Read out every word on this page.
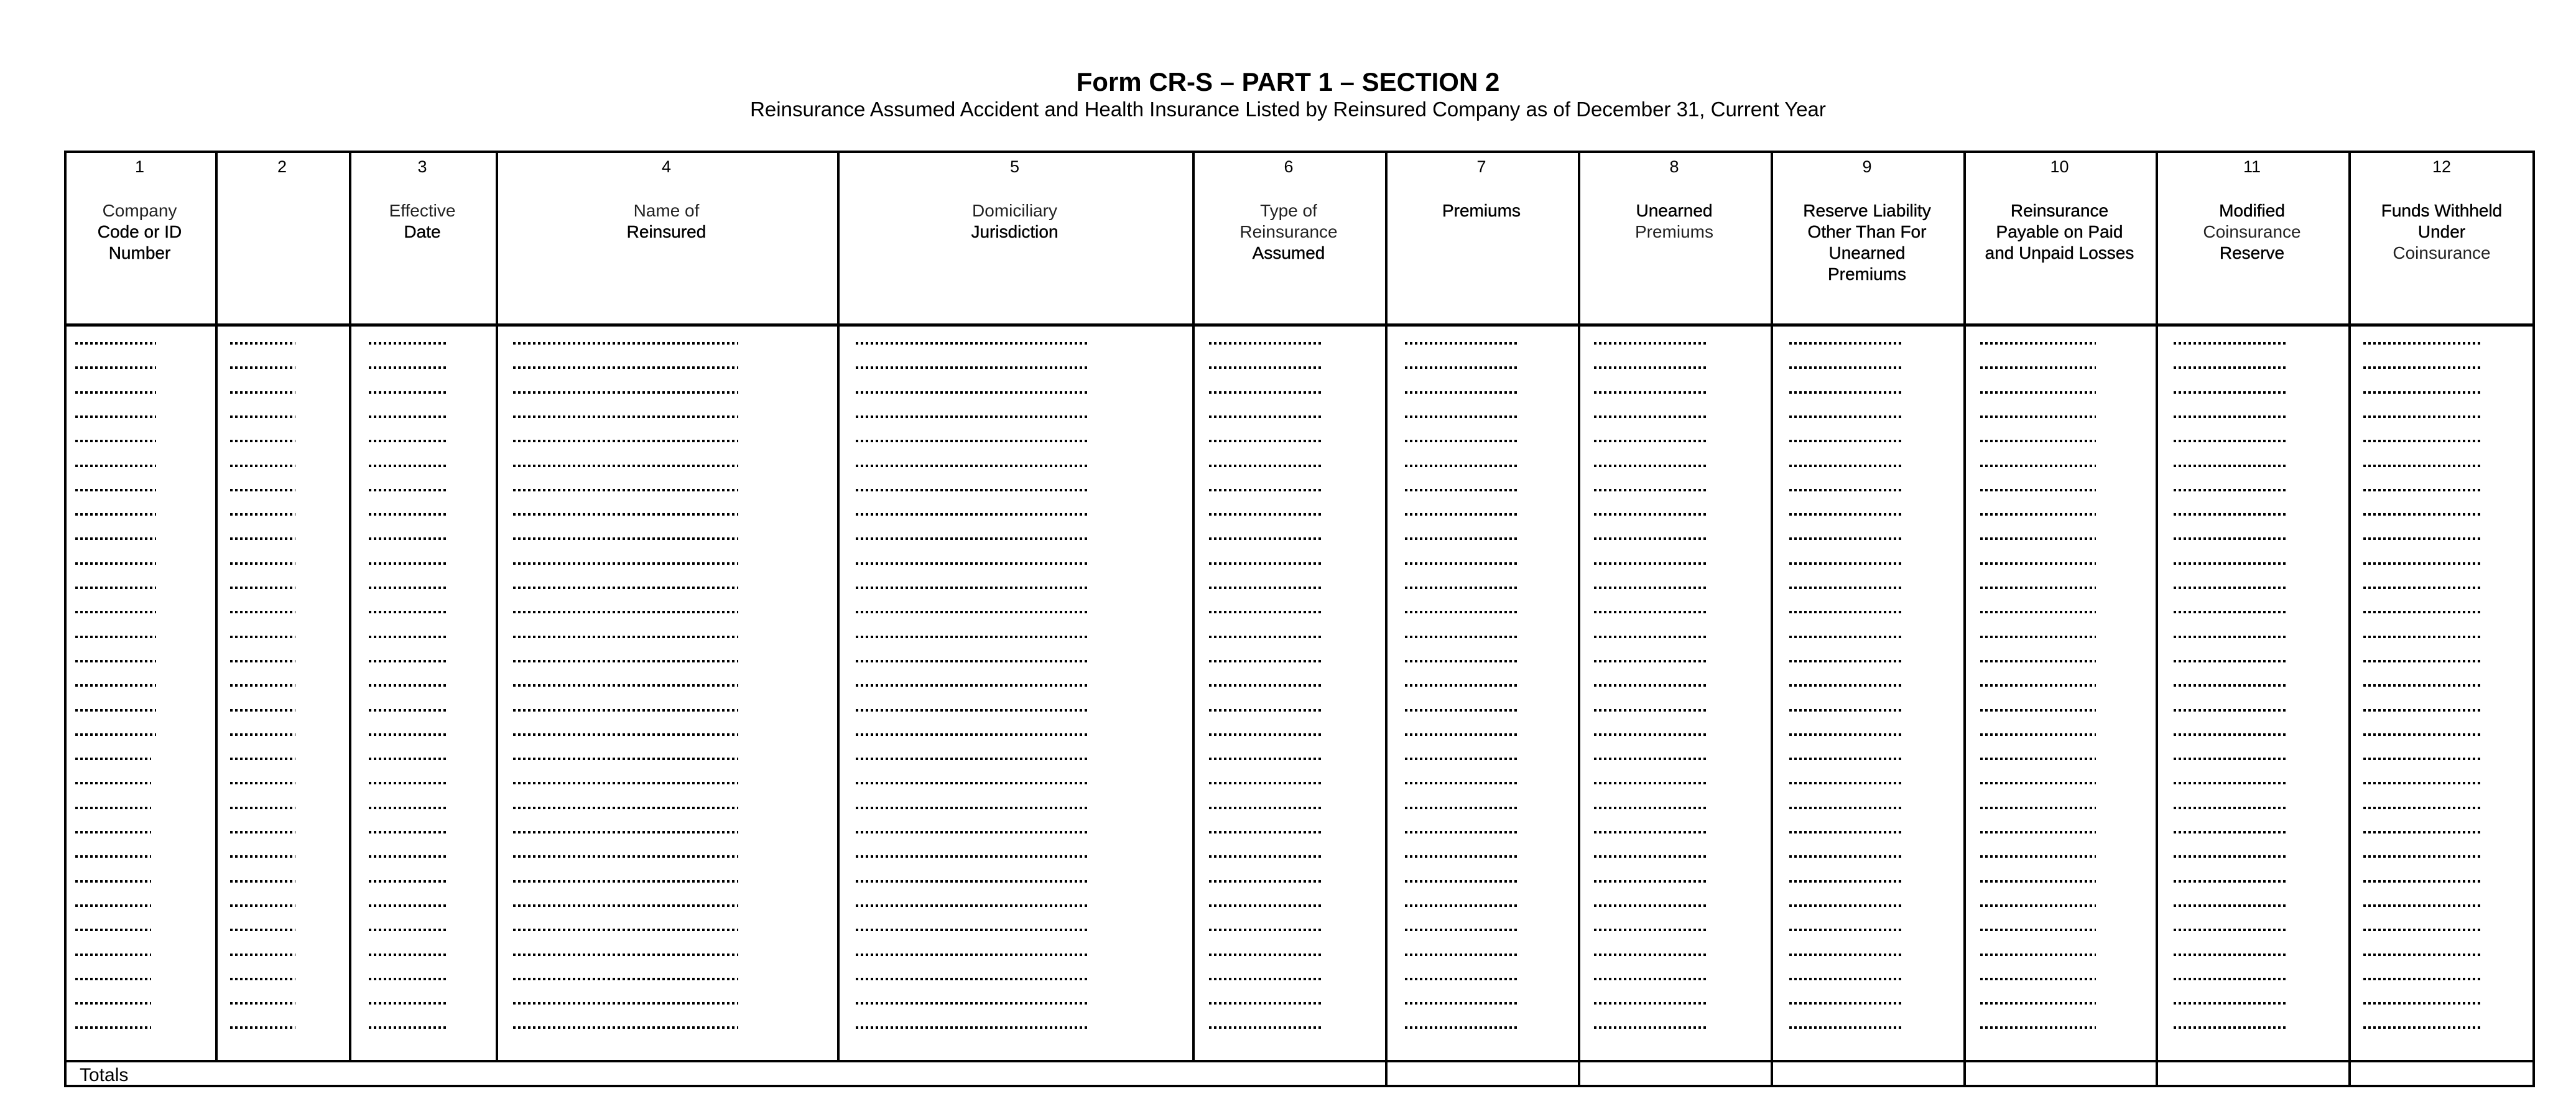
Form CR-S – PART 1 – SECTION 2
Reinsurance Assumed Accident and Health Insurance Listed by Reinsured Company as of December 31, Current Year
1
Company
Code or ID
Number
2	3
Effective
Date
4
Name of
Reinsured
5
Domiciliary
Jurisdiction
6
Type of
Reinsurance
Assumed
7
Premiums
8
Unearned
Premiums
9
Reserve Liability
Other Than For
Unearned
Premiums
10
Reinsurance
Payable on Paid
and Unpaid Losses
11
Modified
Coinsurance
Reserve
12
Funds Withheld
Under
Coinsurance
Totals
